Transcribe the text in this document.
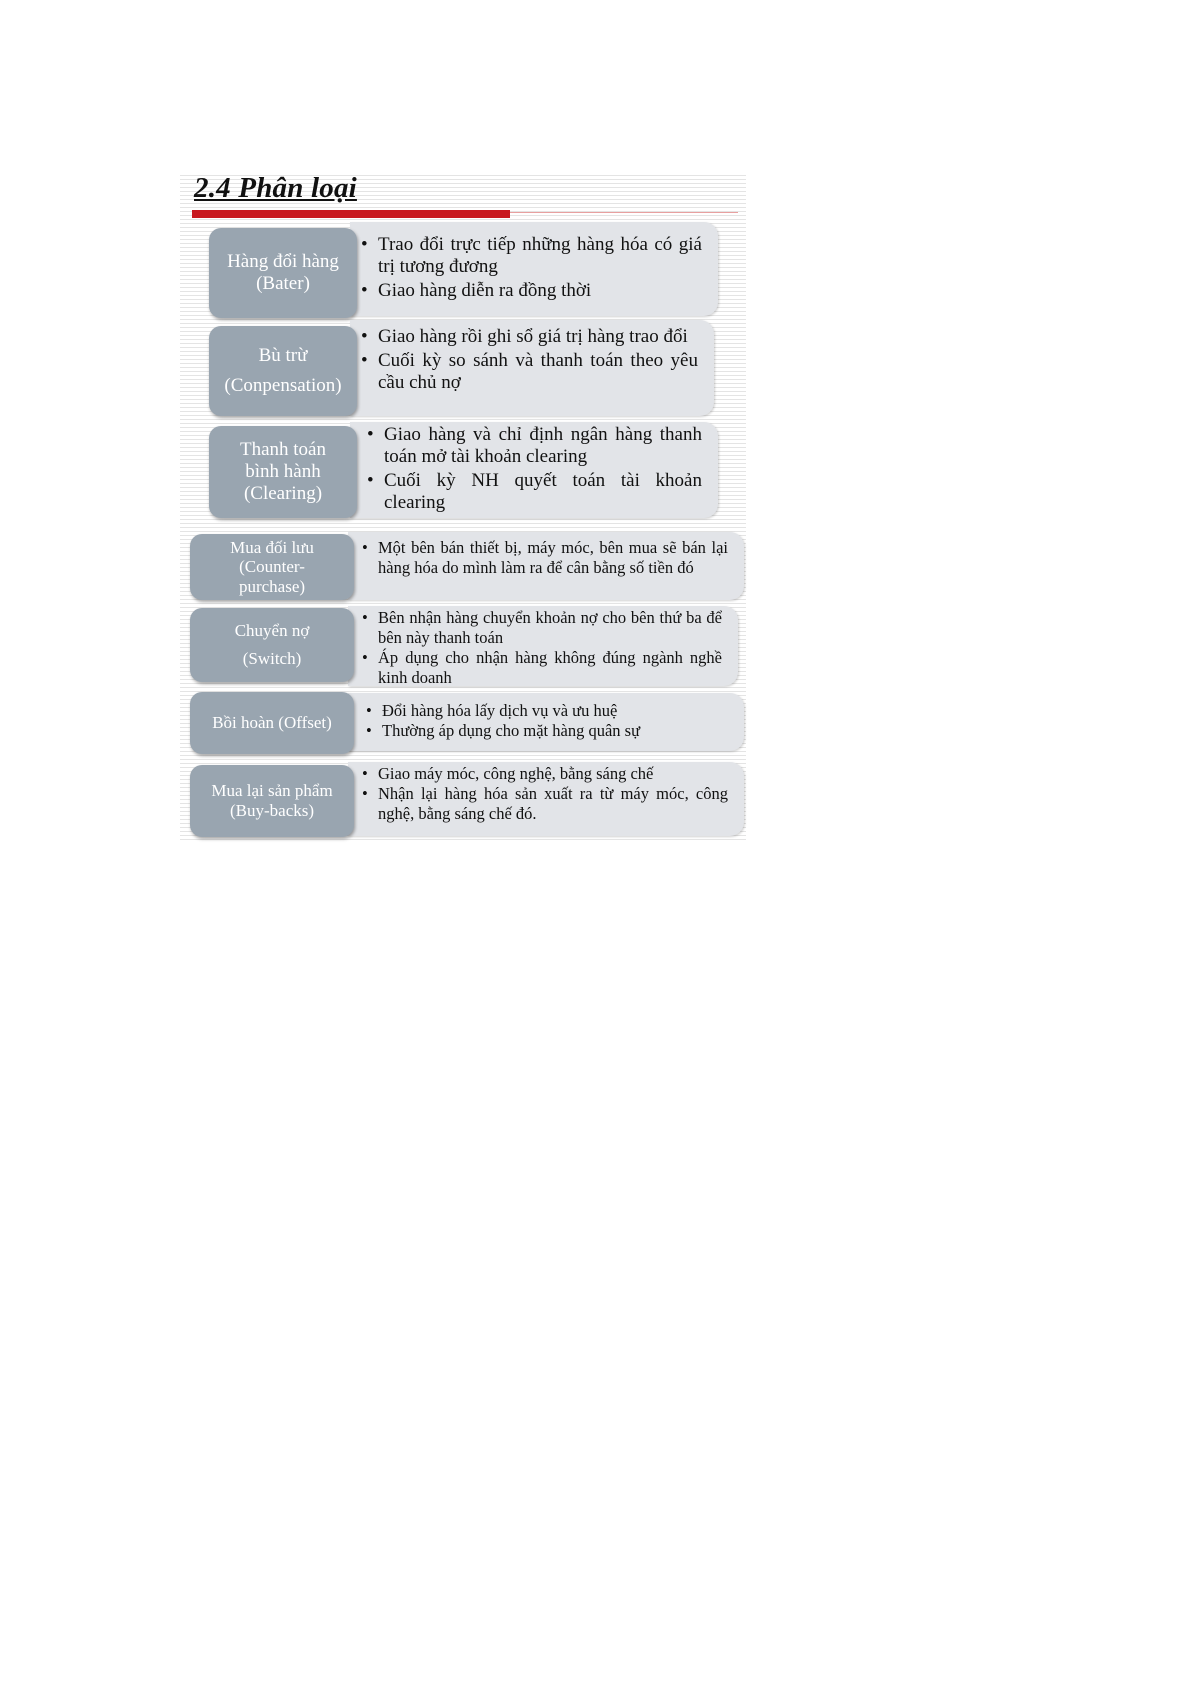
2.4 Phân loại
• Trao đổi trực tiếp những hàng hóa có giá trị tương đương
• Giao hàng diễn ra đồng thời
Hàng đổi hàng
(Bater)
• Giao hàng rồi ghi sổ giá trị hàng trao đổi
• Cuối kỳ so sánh và thanh toán theo yêu cầu chủ nợ
Bù trừ
(Conpensation)
• Giao hàng và chỉ định ngân hàng thanh toán mở tài khoản clearing
• Cuối kỳ NH quyết toán tài khoản clearing
Thanh toán
bình hành
(Clearing)
• Một bên bán thiết bị, máy móc, bên mua sẽ bán lại hàng hóa do mình làm ra để cân bằng số tiền đó
Mua đối lưu
(Counter-
purchase)
• Bên nhận hàng chuyển khoản nợ cho bên thứ ba để bên này thanh toán
• Áp dụng cho nhận hàng không đúng ngành nghề kinh doanh
Chuyển nợ
(Switch)
• Đổi hàng hóa lấy dịch vụ và ưu huệ
• Thường áp dụng cho mặt hàng quân sự
Bồi hoàn (Offset)
• Giao máy móc, công nghệ, bằng sáng chế
• Nhận lại hàng hóa sản xuất ra từ máy móc, công nghệ, bằng sáng chế đó.
Mua lại sản phẩm
(Buy-backs)
